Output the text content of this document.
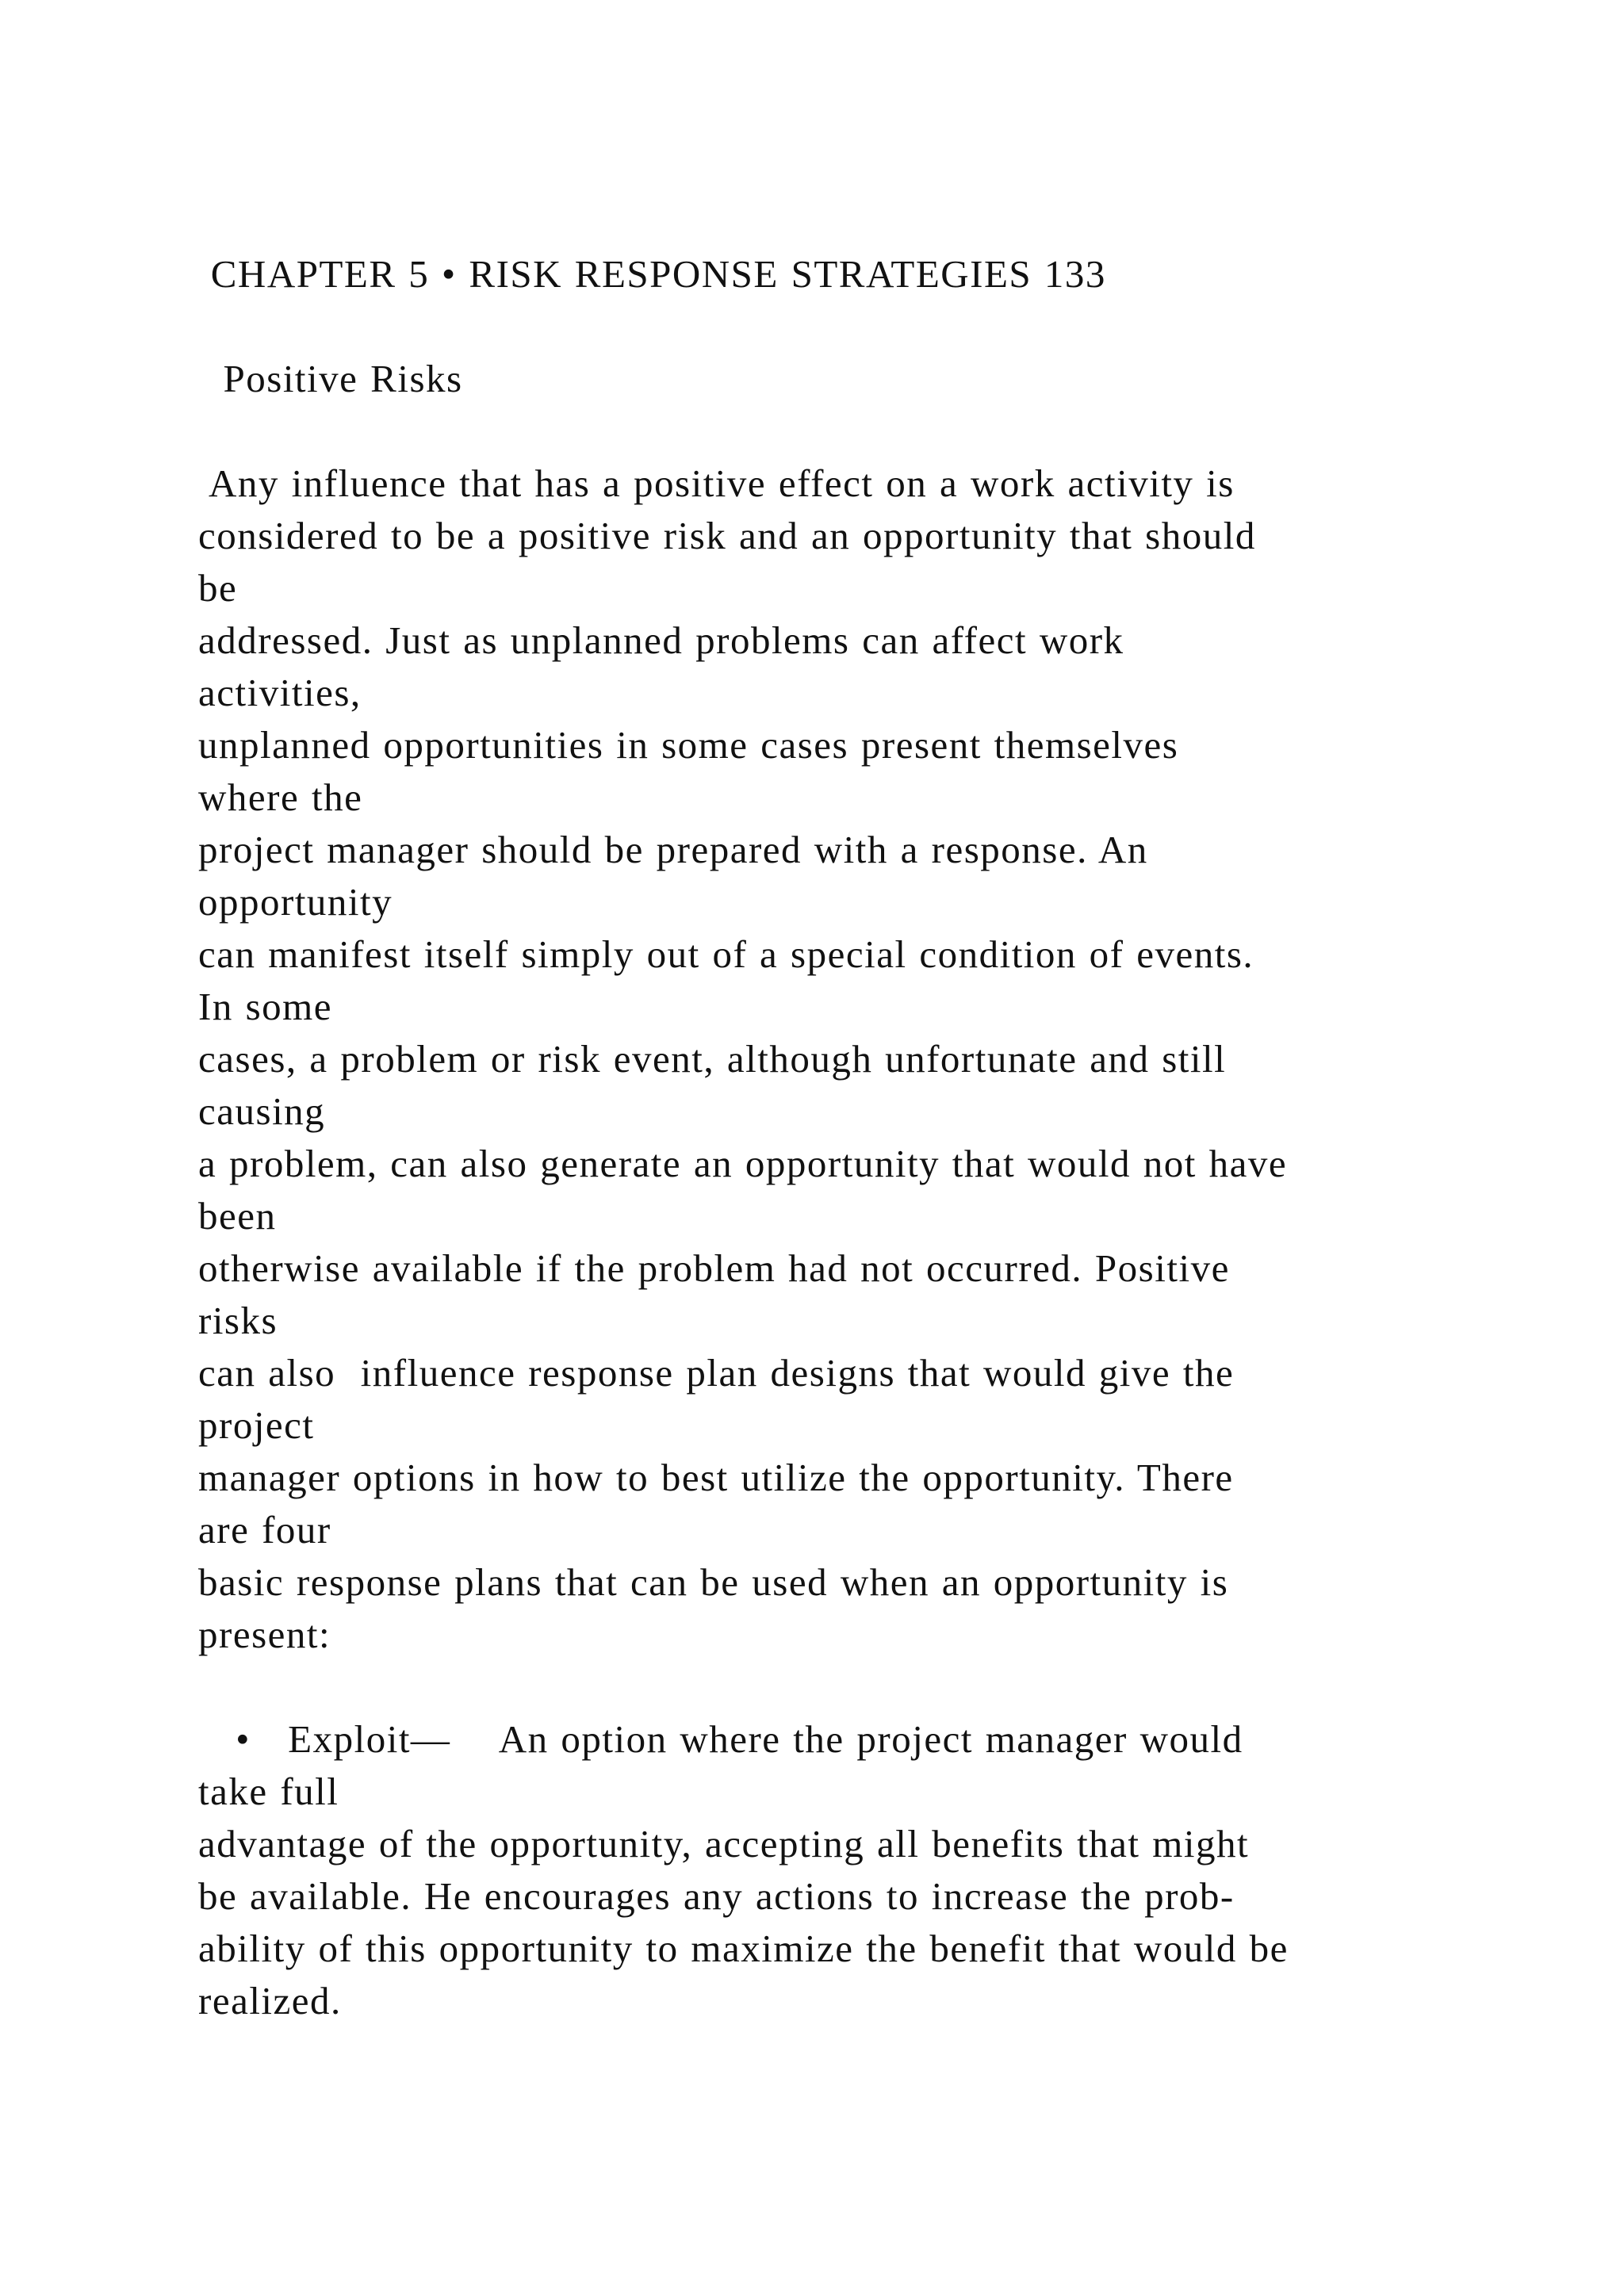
CHAPTER 5 • RISK RESPONSE STRATEGIES 133

Positive Risks

Any influence that has a positive effect on a work activity is

considered to be a positive risk and an opportunity that should

be

addressed. Just as unplanned problems can affect work

activities,

unplanned opportunities in some cases present themselves

where the

project manager should be prepared with a response. An

opportunity

can manifest itself simply out of a special condition of events.

In some

cases, a problem or risk event, although unfortunate and still

causing

a problem, can also generate an opportunity that would not have

been

otherwise available if the problem had not occurred. Positive

risks

can also  influence response plan designs that would give the

project

manager options in how to best utilize the opportunity. There

are four

basic response plans that can be used when an opportunity is

present:

•   Exploit—    An option where the project manager would

take full

advantage of the opportunity, accepting all benefits that might

be available. He encourages any actions to increase the prob-

ability of this opportunity to maximize the benefit that would be

realized.
